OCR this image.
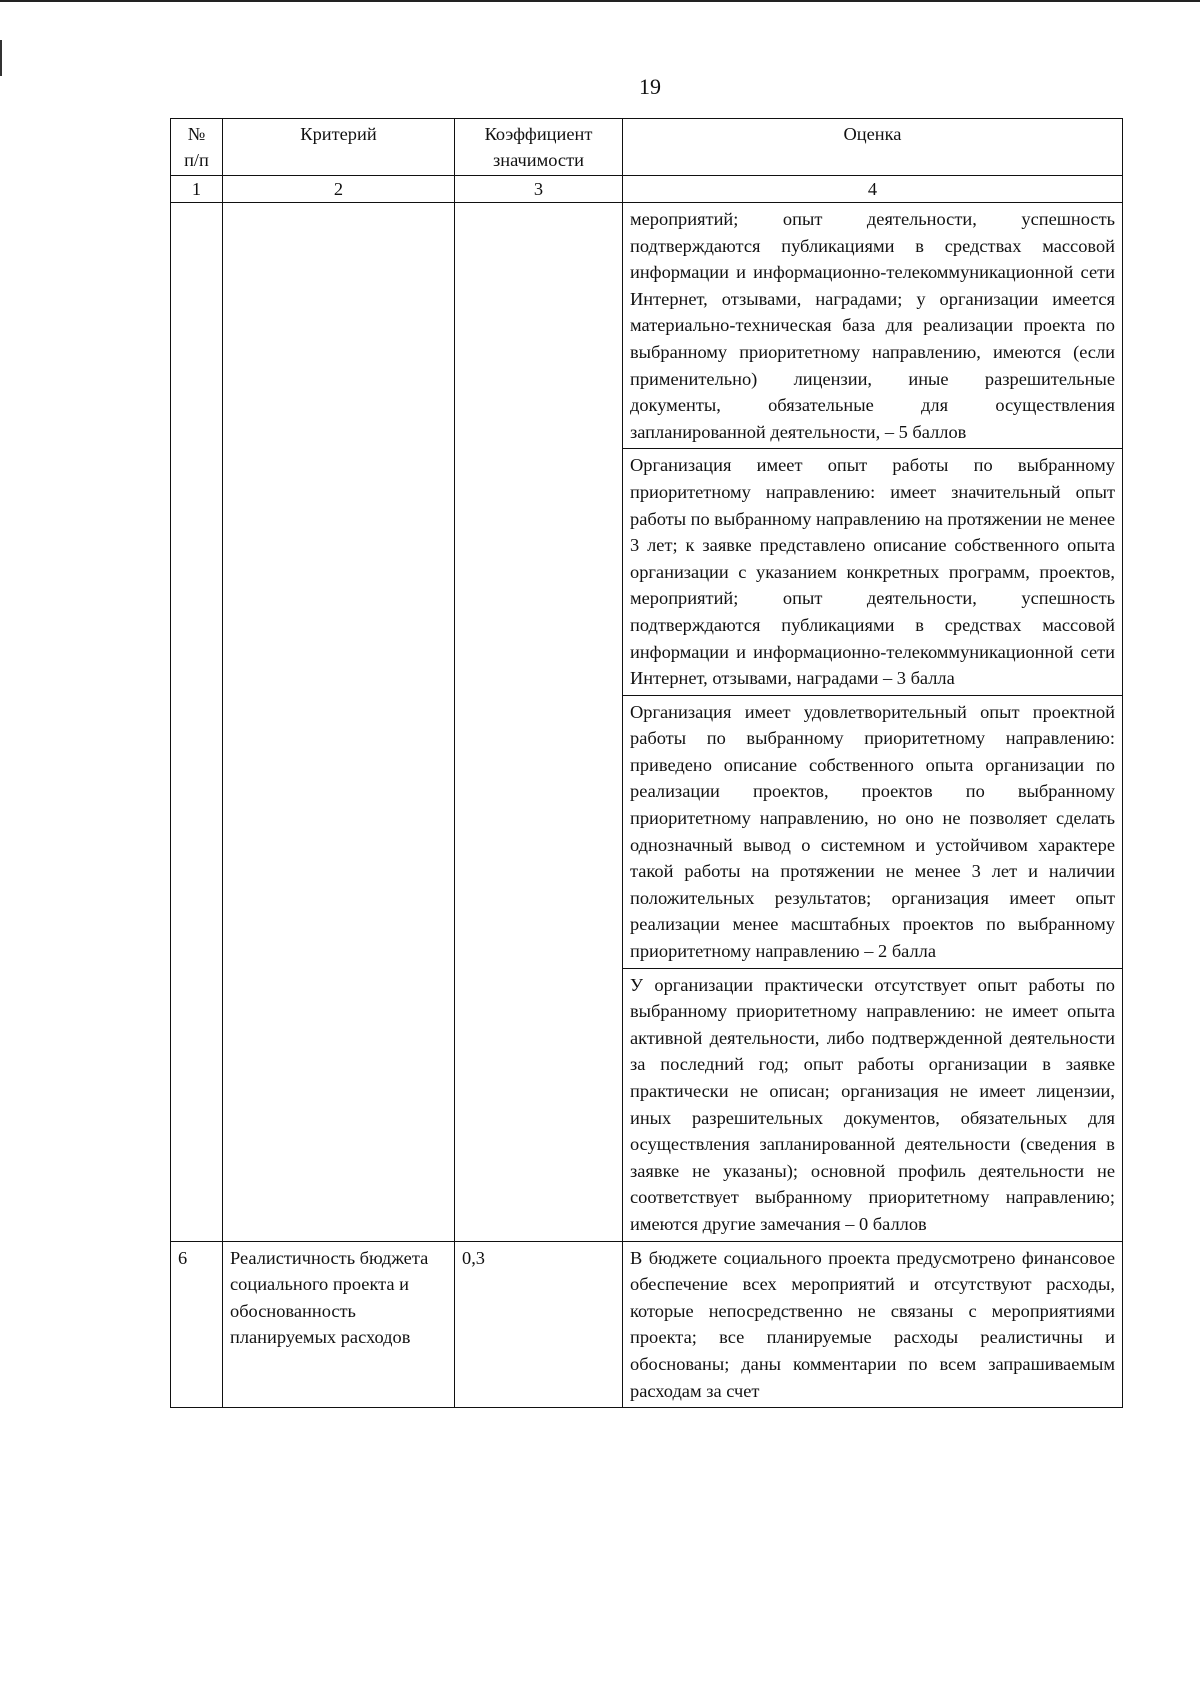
19
№ п/п	Критерий	Коэффициент значимости	Оценка
1	2	3	4
			мероприятий; опыт деятельности, успешность подтверждаются публикациями в средствах массовой информации и информационно-телекоммуникационной сети Интернет, отзывами, наградами; у организации имеется материально-техническая база для реализации проекта по выбранному приоритетному направлению, имеются (если применительно) лицензии, иные разрешительные документы, обязательные для осуществления запланированной деятельности, – 5 баллов
			Организация имеет опыт работы по выбранному приоритетному направлению: имеет значительный опыт работы по выбранному направлению на протяжении не менее 3 лет; к заявке представлено описание собственного опыта организации с указанием конкретных программ, проектов, мероприятий; опыт деятельности, успешность подтверждаются публикациями в средствах массовой информации и информационно-телекоммуникационной сети Интернет, отзывами, наградами – 3 балла
			Организация имеет удовлетворительный опыт проектной работы по выбранному приоритетному направлению: приведено описание собственного опыта организации по реализации проектов, проектов по выбранному приоритетному направлению, но оно не позволяет сделать однозначный вывод о системном и устойчивом характере такой работы на протяжении не менее 3 лет и наличии положительных результатов; организация имеет опыт реализации менее масштабных проектов по выбранному приоритетному направлению – 2 балла
			У организации практически отсутствует опыт работы по выбранному приоритетному направлению: не имеет опыта активной деятельности, либо подтвержденной деятельности за последний год; опыт работы организации в заявке практически не описан; организация не имеет лицензии, иных разрешительных документов, обязательных для осуществления запланированной деятельности (сведения в заявке не указаны); основной профиль деятельности не соответствует выбранному приоритетному направлению; имеются другие замечания – 0 баллов
6	Реалистичность бюджета социального проекта и обоснованность планируемых расходов	0,3	В бюджете социального проекта предусмотрено финансовое обеспечение всех мероприятий и отсутствуют расходы, которые непосредственно не связаны с мероприятиями проекта; все планируемые расходы реалистичны и обоснованы; даны комментарии по всем запрашиваемым расходам за счет
